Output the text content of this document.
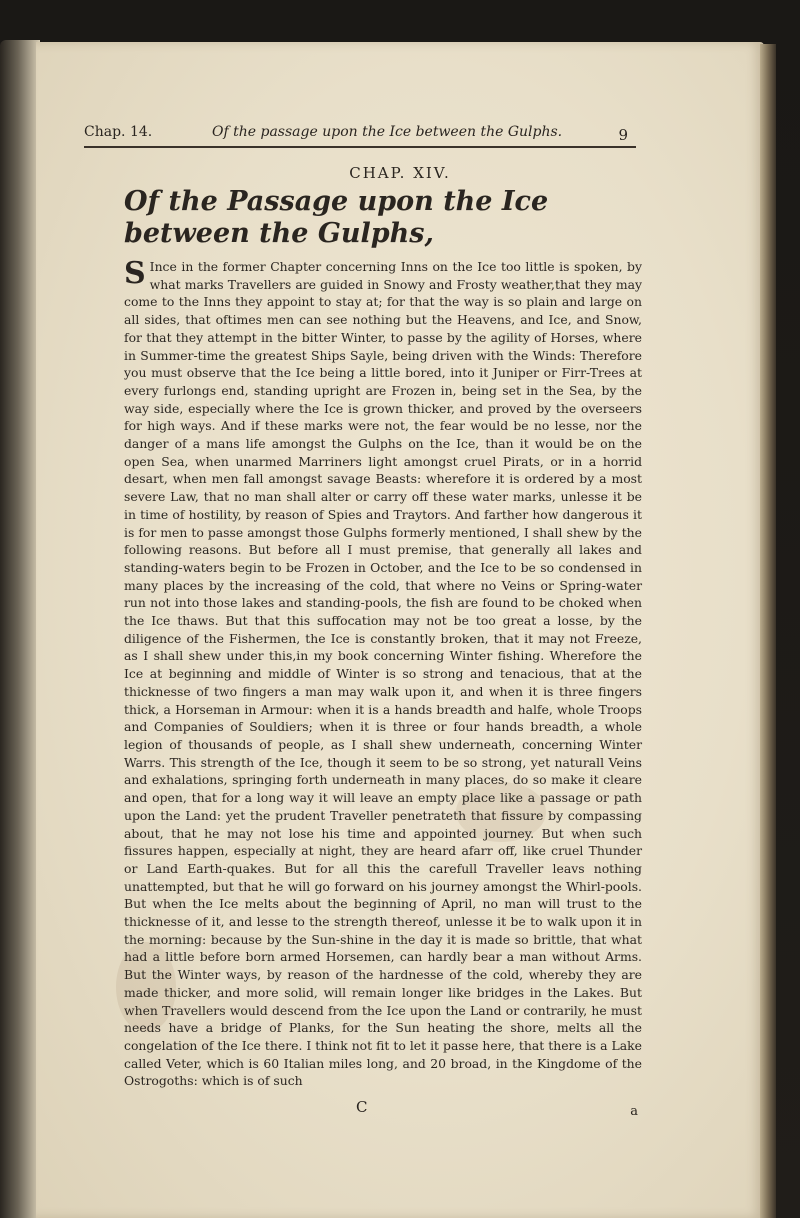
Chap. 14.	Of the passage upon the Ice between the Gulphs.	9
CHAP. XIV.
Of the Passage upon the Ice between the Gulphs,

S Ince in the former Chapter concerning Inns on the Ice too little is spoken, by what marks Travellers are guided in Snowy and Frosty weather,that they may come to the Inns they appoint to stay at; for that the way is so plain and large on all sides, that oftimes men can see nothing but the Heavens, and Ice, and Snow, for that they attempt in the bitter Winter, to passe by the agility of Horses, where in Summer-time the greatest Ships Sayle, being driven with the Winds: Therefore you must observe that the Ice being a little bored, into it Juniper or Firr-Trees at every furlongs end, standing upright are Frozen in, being set in the Sea, by the way side, especially where the Ice is grown thicker, and proved by the overseers for high ways. And if these marks were not, the fear would be no lesse, nor the danger of a mans life amongst the Gulphs on the Ice, than it would be on the open Sea, when unarmed Marriners light amongst cruel Pirats, or in a horrid desart, when men fall amongst savage Beasts: wherefore it is ordered by a most severe Law, that no man shall alter or carry off these water marks, unlesse it be in time of hostility, by reason of Spies and Traytors. And farther how dangerous it is for men to passe amongst those Gulphs formerly mentioned, I shall shew by the following reasons. But before all I must premise, that generally all lakes and standing-waters begin to be Frozen in October, and the Ice to be so condensed in many places by the increasing of the cold, that where no Veins or Spring-water run not into those lakes and standing-pools, the fish are found to be choked when the Ice thaws. But that this suffocation may not be too great a losse, by the diligence of the Fishermen, the Ice is constantly broken, that it may not Freeze, as I shall shew under this,in my book concerning Winter fishing. Wherefore the Ice at beginning and middle of Winter is so strong and tenacious, that at the thicknesse of two fingers a man may walk upon it, and when it is three fingers thick, a Horseman in Armour: when it is a hands breadth and halfe, whole Troops and Companies of Souldiers; when it is three or four hands breadth, a whole legion of thousands of people, as I shall shew underneath, concerning Winter Warrs. This strength of the Ice, though it seem to be so strong, yet naturall Veins and exhalations, springing forth underneath in many places, do so make it cleare and open, that for a long way it will leave an empty place like a passage or path upon the Land: yet the prudent Traveller penetrateth that fissure by compassing about, that he may not lose his time and appointed journey. But when such fissures happen, especially at night, they are heard afarr off, like cruel Thunder or Land Earth-quakes. But for all this the carefull Traveller leavs nothing unattempted, but that he will go forward on his journey amongst the Whirl-pools. But when the Ice melts about the beginning of April, no man will trust to the thicknesse of it, and lesse to the strength thereof, unlesse it be to walk upon it in the morning: because by the Sun-shine in the day it is made so brittle, that what had a little before born armed Horsemen, can hardly bear a man without Arms. But the Winter ways, by reason of the hardnesse of the cold, whereby they are made thicker, and more solid, will remain longer like bridges in the Lakes. But when Travellers would descend from the Ice upon the Land or contrarily, he must needs have a bridge of Planks, for the Sun heating the shore, melts all the congelation of the Ice there. I think not fit to let it passe here, that there is a Lake called Veter, which is 60 Italian miles long, and 20 broad, in the Kingdome of the Ostrogoths: which is of such

C	a
